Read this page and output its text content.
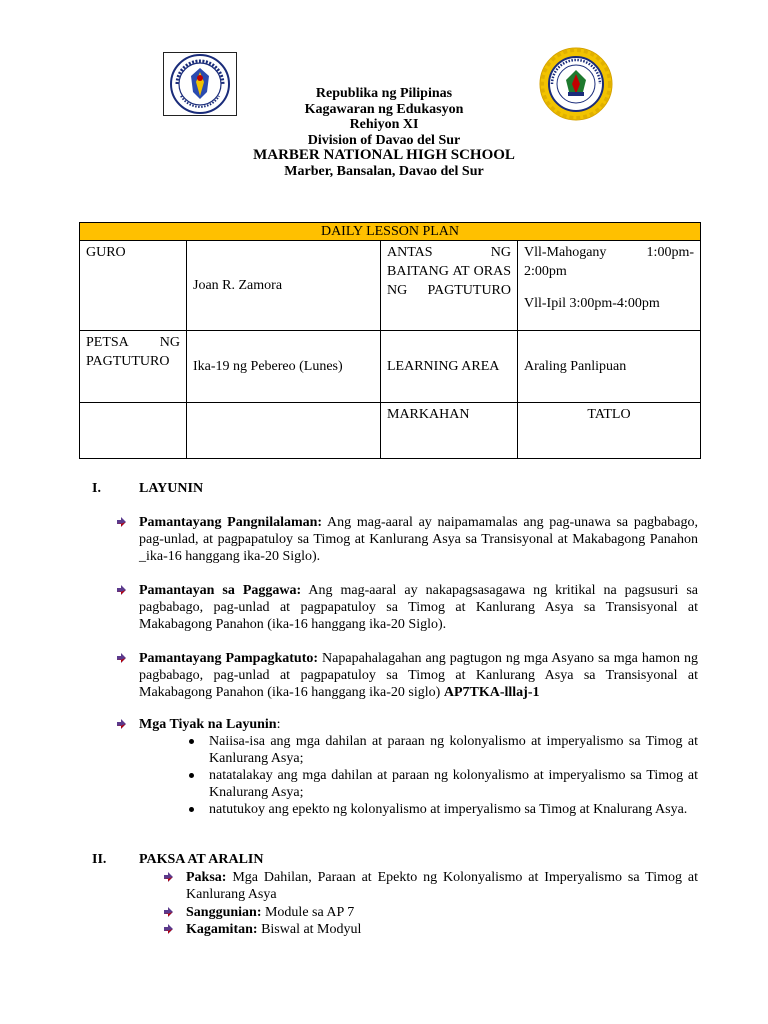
Republika ng Pilipinas
Kagawaran ng Edukasyon
Rehiyon XI
Division of Davao del Sur
MARBER NATIONAL HIGH SCHOOL
Marber, Bansalan, Davao del Sur
DAILY LESSON PLAN			
GURO	Joan R. Zamora	ANTAS NG BAITANG AT ORAS NG PAGTUTURO	Vll-Mahogany 1:00pm-2:00pm
Vll-Ipil 3:00pm-4:00pm

PETSA NG PAGTUTURO	Ika-19 ng Pebereo (Lunes)	LEARNING AREA	Araling Panlipuan
		MARKAHAN	TATLO
I.	LAYUNIN
Pamantayang Pangnilalaman: Ang mag-aaral ay naipamamalas ang pag-unawa sa pagbabago, pag-unlad, at pagpapatuloy sa Timog at Kanlurang Asya sa Transisyonal at Makabagong Panahon _ika-16 hanggang ika-20 Siglo).
Pamantayan sa Paggawa: Ang mag-aaral ay nakapagsasagawa ng kritikal na pagsusuri sa pagbabago, pag-unlad at pagpapatuloy sa Timog at Kanlurang Asya sa Transisyonal at Makabagong Panahon (ika-16 hanggang ika-20 Siglo).
Pamantayang Pampagkatuto: Napapahalagahan ang pagtugon ng mga Asyano sa mga hamon ng pagbabago, pag-unlad at pagpapatuloy sa Timog at Kanlurang Asya sa Transisyonal at Makabagong Panahon (ika-16 hanggang ika-20 siglo) AP7TKA-lllaj-1
Mga Tiyak na Layunin:
Naiisa-isa ang mga dahilan at paraan ng kolonyalismo at imperyalismo sa Timog at Kanlurang Asya;
natatalakay ang mga dahilan at paraan ng kolonyalismo at imperyalismo sa Timog at Knalurang Asya;
natutukoy ang epekto ng kolonyalismo at imperyalismo sa Timog at Knalurang Asya.
II. PAKSA AT ARALIN
Paksa: Mga Dahilan, Paraan at Epekto ng Kolonyalismo at Imperyalismo sa Timog at Kanlurang Asya
Sanggunian: Module sa AP 7
Kagamitan: Biswal at Modyul
